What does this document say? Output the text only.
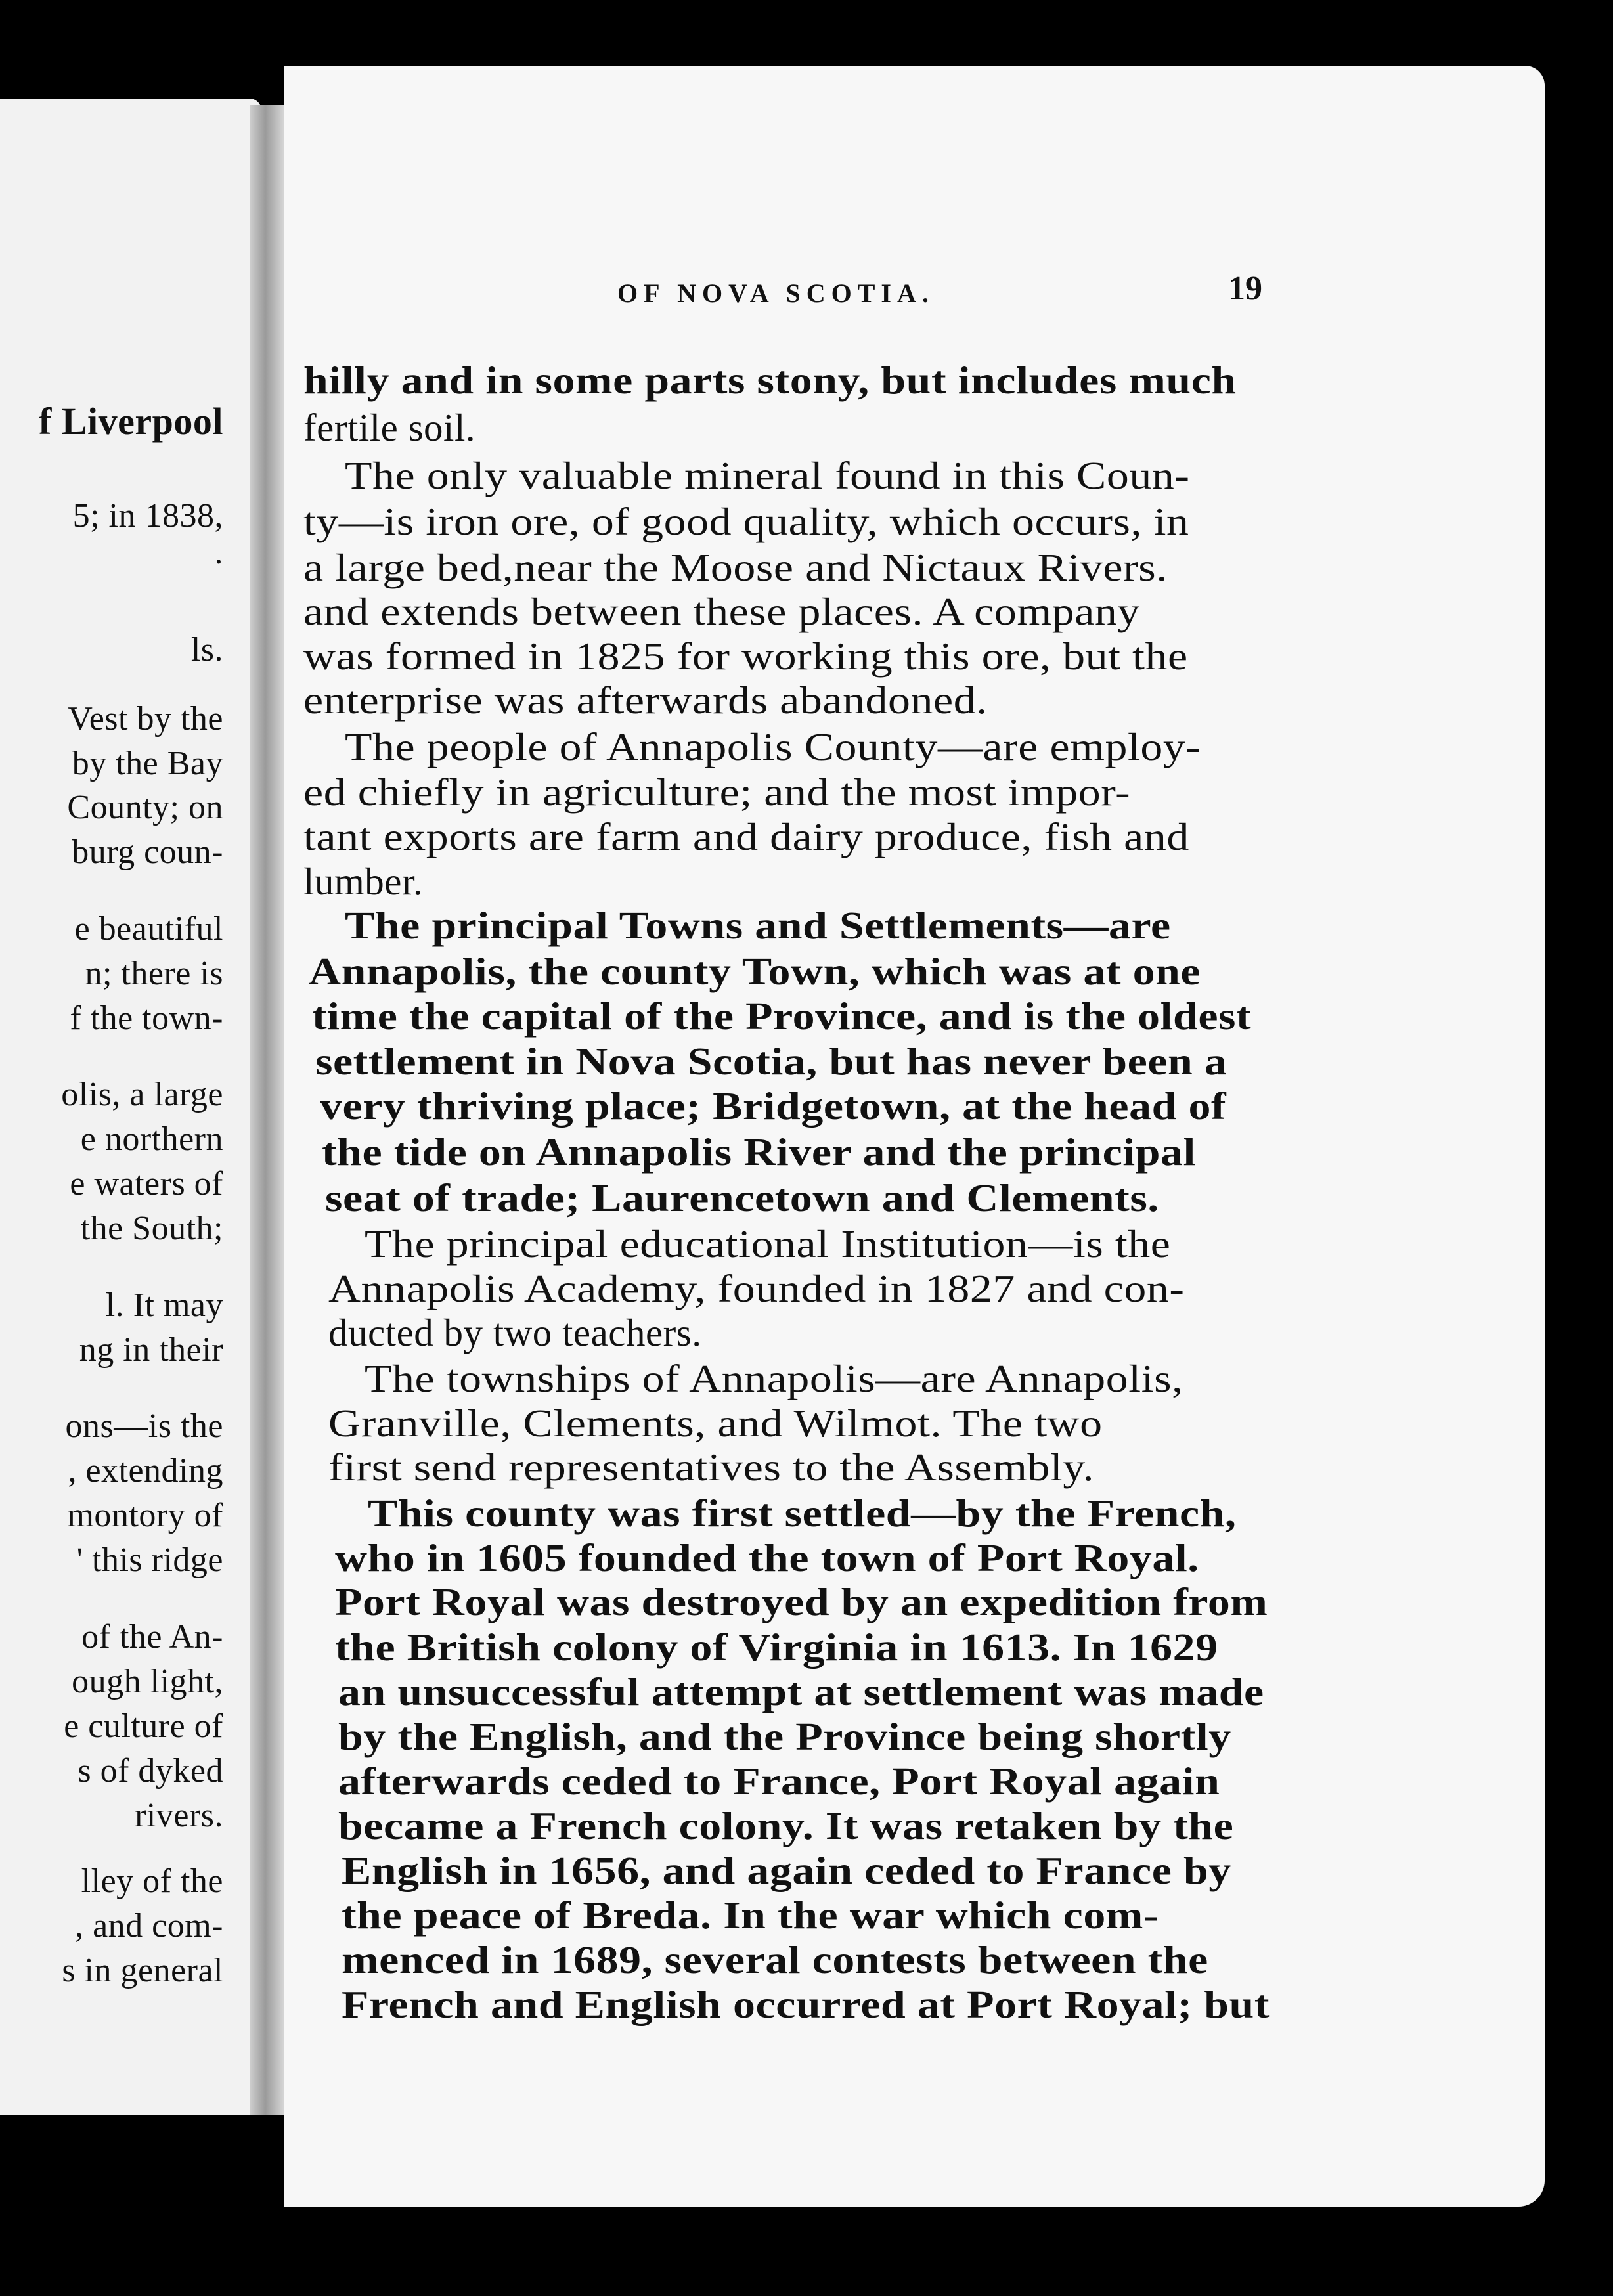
f Liverpool
5; in 1838,
.
ls.
Vest by the
by the Bay
County; on
burg coun-
e beautiful
n; there is
f the town-
olis, a large
e northern
e waters of
the South;
l. It may
ng in their
ons—is the
, extending
montory of
' this ridge
of the An-
ough light,
e culture of
s of dyked
rivers.
lley of the
, and com-
s in general
OF NOVA SCOTIA.	19
hilly and in some parts stony, but includes much
fertile soil.
The only valuable mineral found in this Coun-
ty—is iron ore, of good quality, which occurs, in
a large bed,near the Moose and Nictaux Rivers.
and extends between these places. A company
was formed in 1825 for working this ore, but the
enterprise was afterwards abandoned.
The people of Annapolis County—are employ-
ed chiefly in agriculture; and the most impor-
tant exports are farm and dairy produce, fish and
lumber.
The principal Towns and Settlements—are
Annapolis, the county Town, which was at one
time the capital of the Province, and is the oldest
settlement in Nova Scotia, but has never been a
very thriving place; Bridgetown, at the head of
the tide on Annapolis River and the principal
seat of trade; Laurencetown and Clements.
The principal educational Institution—is the
Annapolis Academy, founded in 1827 and con-
ducted by two teachers.
The townships of Annapolis—are Annapolis,
Granville, Clements, and Wilmot. The two
first send representatives to the Assembly.
This county was first settled—by the French,
who in 1605 founded the town of Port Royal.
Port Royal was destroyed by an expedition from
the British colony of Virginia in 1613. In 1629
an unsuccessful attempt at settlement was made
by the English, and the Province being shortly
afterwards ceded to France, Port Royal again
became a French colony. It was retaken by the
English in 1656, and again ceded to France by
the peace of Breda. In the war which com-
menced in 1689, several contests between the
French and English occurred at Port Royal; but
